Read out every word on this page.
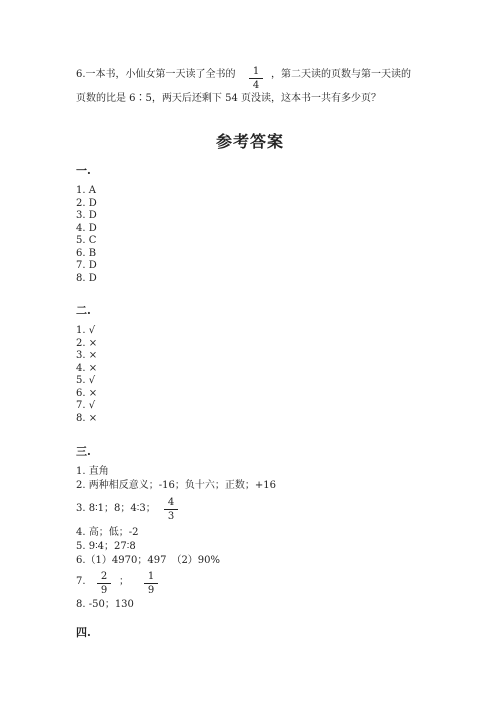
6.一本书，小仙女第一天读了全书的 $\frac{1}{4}$ ，第二天读的页数与第一天读的
页数的比是 6∶5，两天后还剩下 54 页没读，这本书一共有多少页？
参考答案
一.
1. A
2. D
3. D
4. D
5. C
6. B
7. D
8. D
二.
1. √
2. ×
3. ×
4. ×
5. √
6. ×
7. √
8. ×
三.
1. 直角
2. 两种相反意义；-16；负十六；正数；+16
3. 8∶1；8；4∶3； $\frac{4}{3}$
4. 高；低；-2
5. 9∶4；27∶8
6.（1）4970；497　（2）90%
7. $\frac{2}{9}$ ； $\frac{1}{9}$
8. -50；130
四.
